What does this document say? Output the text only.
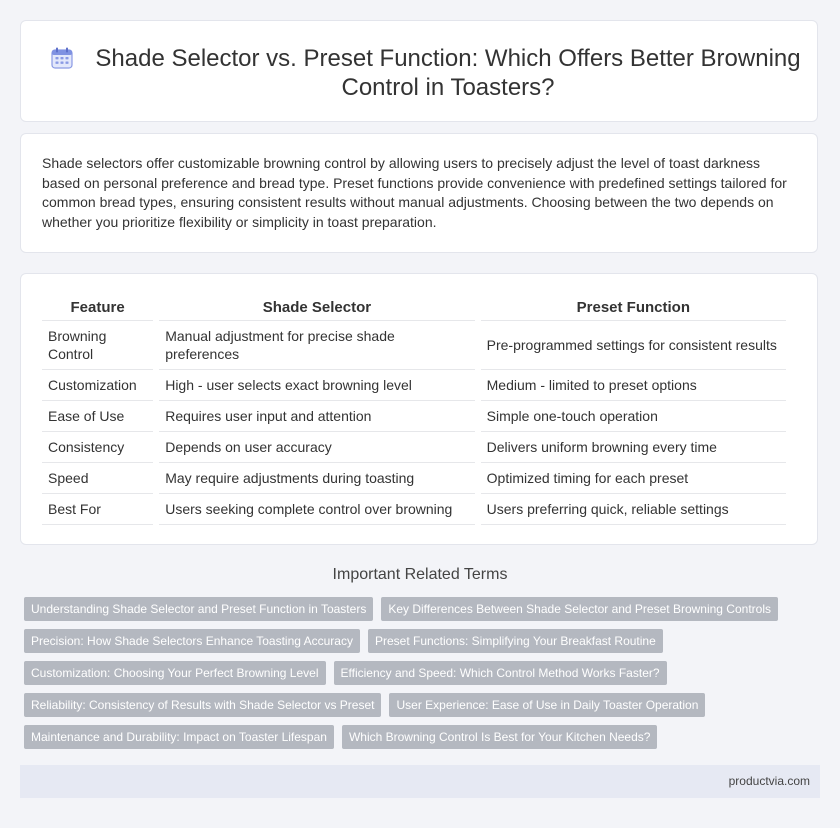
Shade Selector vs. Preset Function: Which Offers Better Browning Control in Toasters?

Shade selectors offer customizable browning control by allowing users to precisely adjust the level of toast darkness based on personal preference and bread type. Preset functions provide convenience with predefined settings tailored for common bread types, ensuring consistent results without manual adjustments. Choosing between the two depends on whether you prioritize flexibility or simplicity in toast preparation.

Feature	Shade Selector	Preset Function
Browning Control	Manual adjustment for precise shade preferences	Pre-programmed settings for consistent results
Customization	High - user selects exact browning level	Medium - limited to preset options
Ease of Use	Requires user input and attention	Simple one-touch operation
Consistency	Depends on user accuracy	Delivers uniform browning every time
Speed	May require adjustments during toasting	Optimized timing for each preset
Best For	Users seeking complete control over browning	Users preferring quick, reliable settings
Important Related Terms
Understanding Shade Selector and Preset Function in Toasters	Key Differences Between Shade Selector and Preset Browning Controls
Precision: How Shade Selectors Enhance Toasting Accuracy	Preset Functions: Simplifying Your Breakfast Routine
Customization: Choosing Your Perfect Browning Level	Efficiency and Speed: Which Control Method Works Faster?
Reliability: Consistency of Results with Shade Selector vs Preset	User Experience: Ease of Use in Daily Toaster Operation
Maintenance and Durability: Impact on Toaster Lifespan	Which Browning Control Is Best for Your Kitchen Needs?
productvia.com
